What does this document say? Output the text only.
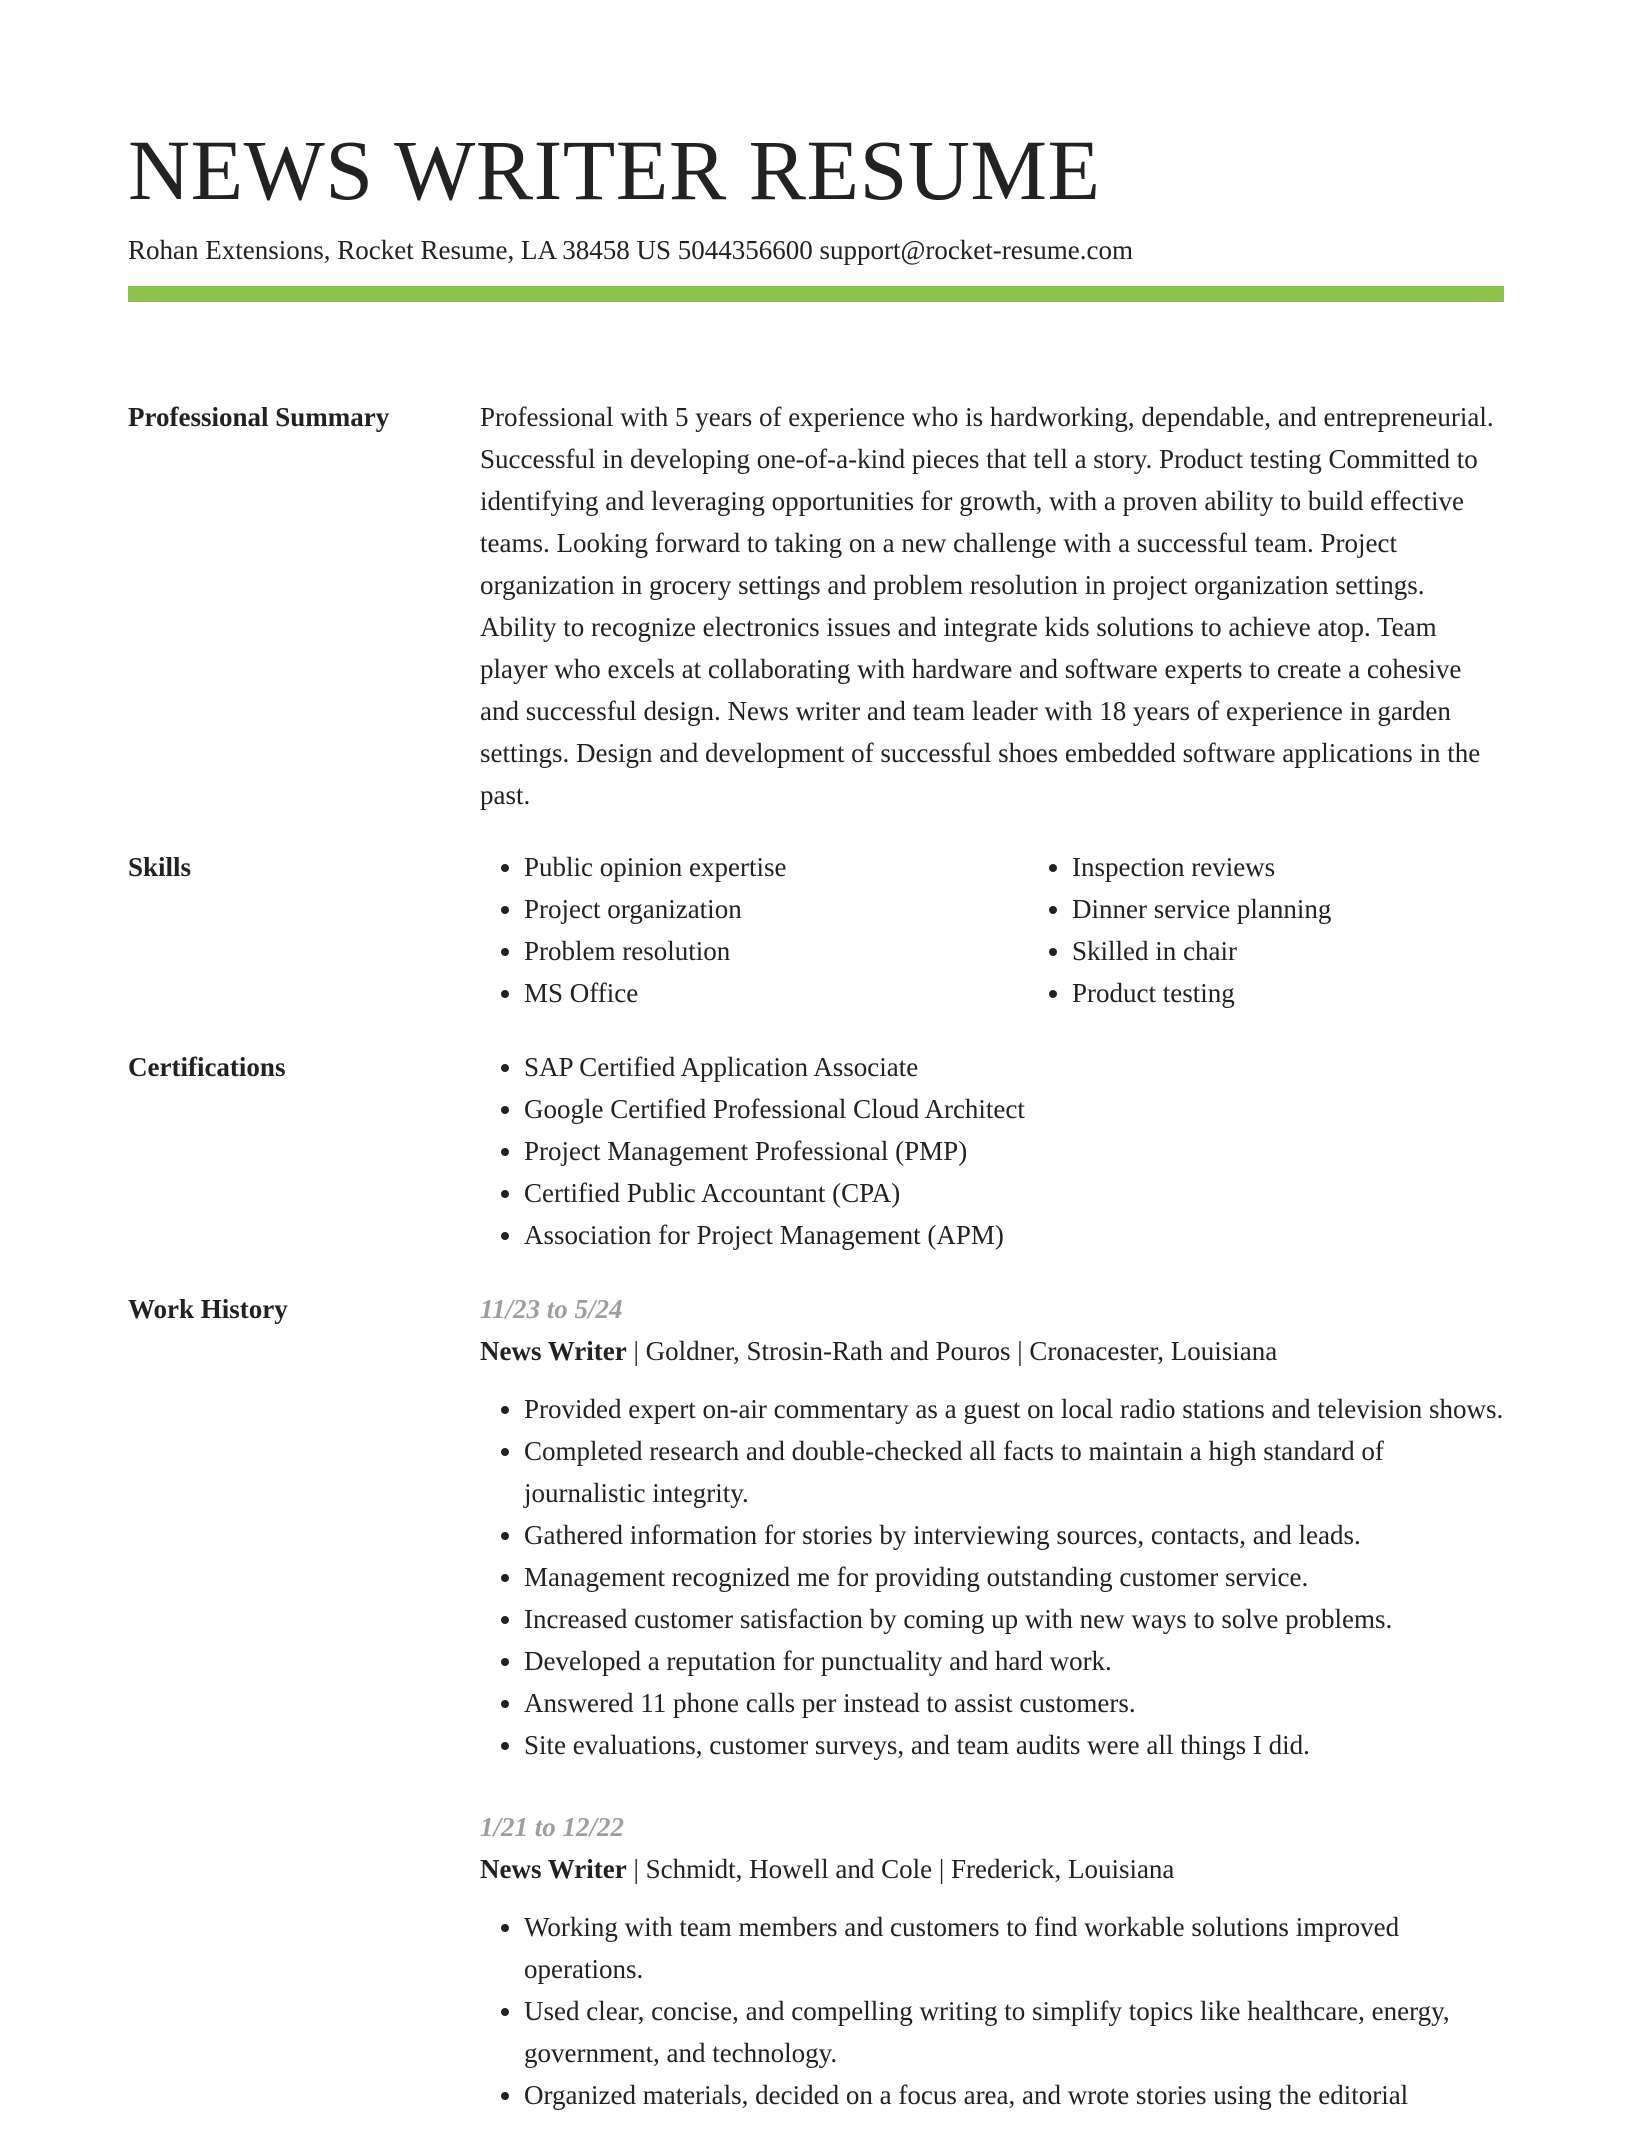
NEWS WRITER RESUME
Rohan Extensions, Rocket Resume, LA 38458 US 5044356600 support@rocket-resume.com
Professional Summary	Professional with 5 years of experience who is hardworking, dependable, and entrepreneurial. Successful in developing one-of-a-kind pieces that tell a story. Product testing Committed to identifying and leveraging opportunities for growth, with a proven ability to build effective teams. Looking forward to taking on a new challenge with a successful team. Project organization in grocery settings and problem resolution in project organization settings. Ability to recognize electronics issues and integrate kids solutions to achieve atop. Team player who excels at collaborating with hardware and software experts to create a cohesive and successful design. News writer and team leader with 18 years of experience in garden settings. Design and development of successful shoes embedded software applications in the past.

Skills	• Public opinion expertise
• Project organization
• Problem resolution
• MS Office
• Inspection reviews
• Dinner service planning
• Skilled in chair
• Product testing
Certifications	• SAP Certified Application Associate
• Google Certified Professional Cloud Architect
• Project Management Professional (PMP)
• Certified Public Accountant (CPA)
• Association for Project Management (APM)
Work History	11/23 to 5/24
News Writer | Goldner, Strosin-Rath and Pouros | Cronacester, Louisiana
• Provided expert on-air commentary as a guest on local radio stations and television shows.
• Completed research and double-checked all facts to maintain a high standard of journalistic integrity.
• Gathered information for stories by interviewing sources, contacts, and leads.
• Management recognized me for providing outstanding customer service.
• Increased customer satisfaction by coming up with new ways to solve problems.
• Developed a reputation for punctuality and hard work.
• Answered 11 phone calls per instead to assist customers.
• Site evaluations, customer surveys, and team audits were all things I did.
1/21 to 12/22
News Writer | Schmidt, Howell and Cole | Frederick, Louisiana
• Working with team members and customers to find workable solutions improved operations.
• Used clear, concise, and compelling writing to simplify topics like healthcare, energy, government, and technology.
• Organized materials, decided on a focus area, and wrote stories using the editorial
